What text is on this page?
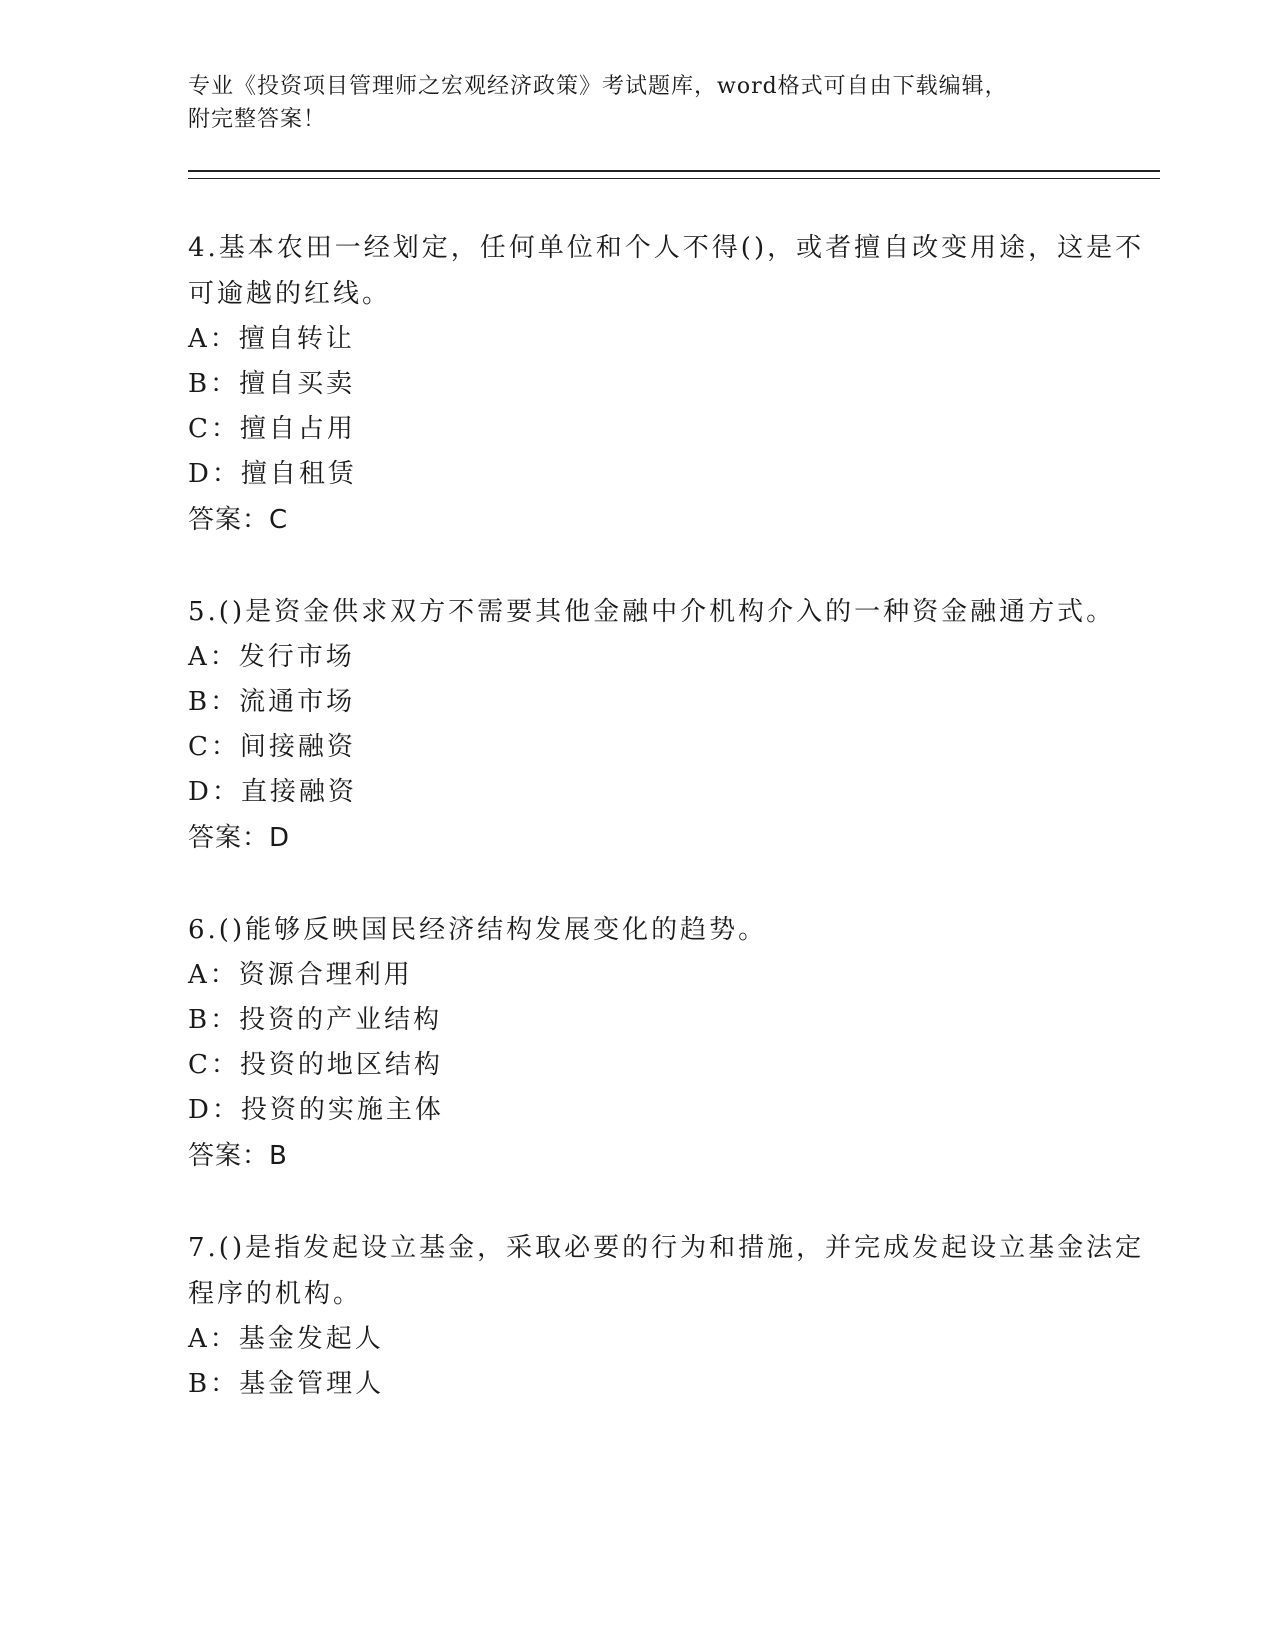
专业《投资项目管理师之宏观经济政策》考试题库，word格式可自由下载编辑，
附完整答案！
4.基本农田一经划定，任何单位和个人不得()，或者擅自改变用途，这是不可逾越的红线。
A：擅自转让
B：擅自买卖
C：擅自占用
D：擅自租赁
答案：C
5.()是资金供求双方不需要其他金融中介机构介入的一种资金融通方式。
A：发行市场
B：流通市场
C：间接融资
D：直接融资
答案：D
6.()能够反映国民经济结构发展变化的趋势。
A：资源合理利用
B：投资的产业结构
C：投资的地区结构
D：投资的实施主体
答案：B
7.()是指发起设立基金，采取必要的行为和措施，并完成发起设立基金法定程序的机构。
A：基金发起人
B：基金管理人
